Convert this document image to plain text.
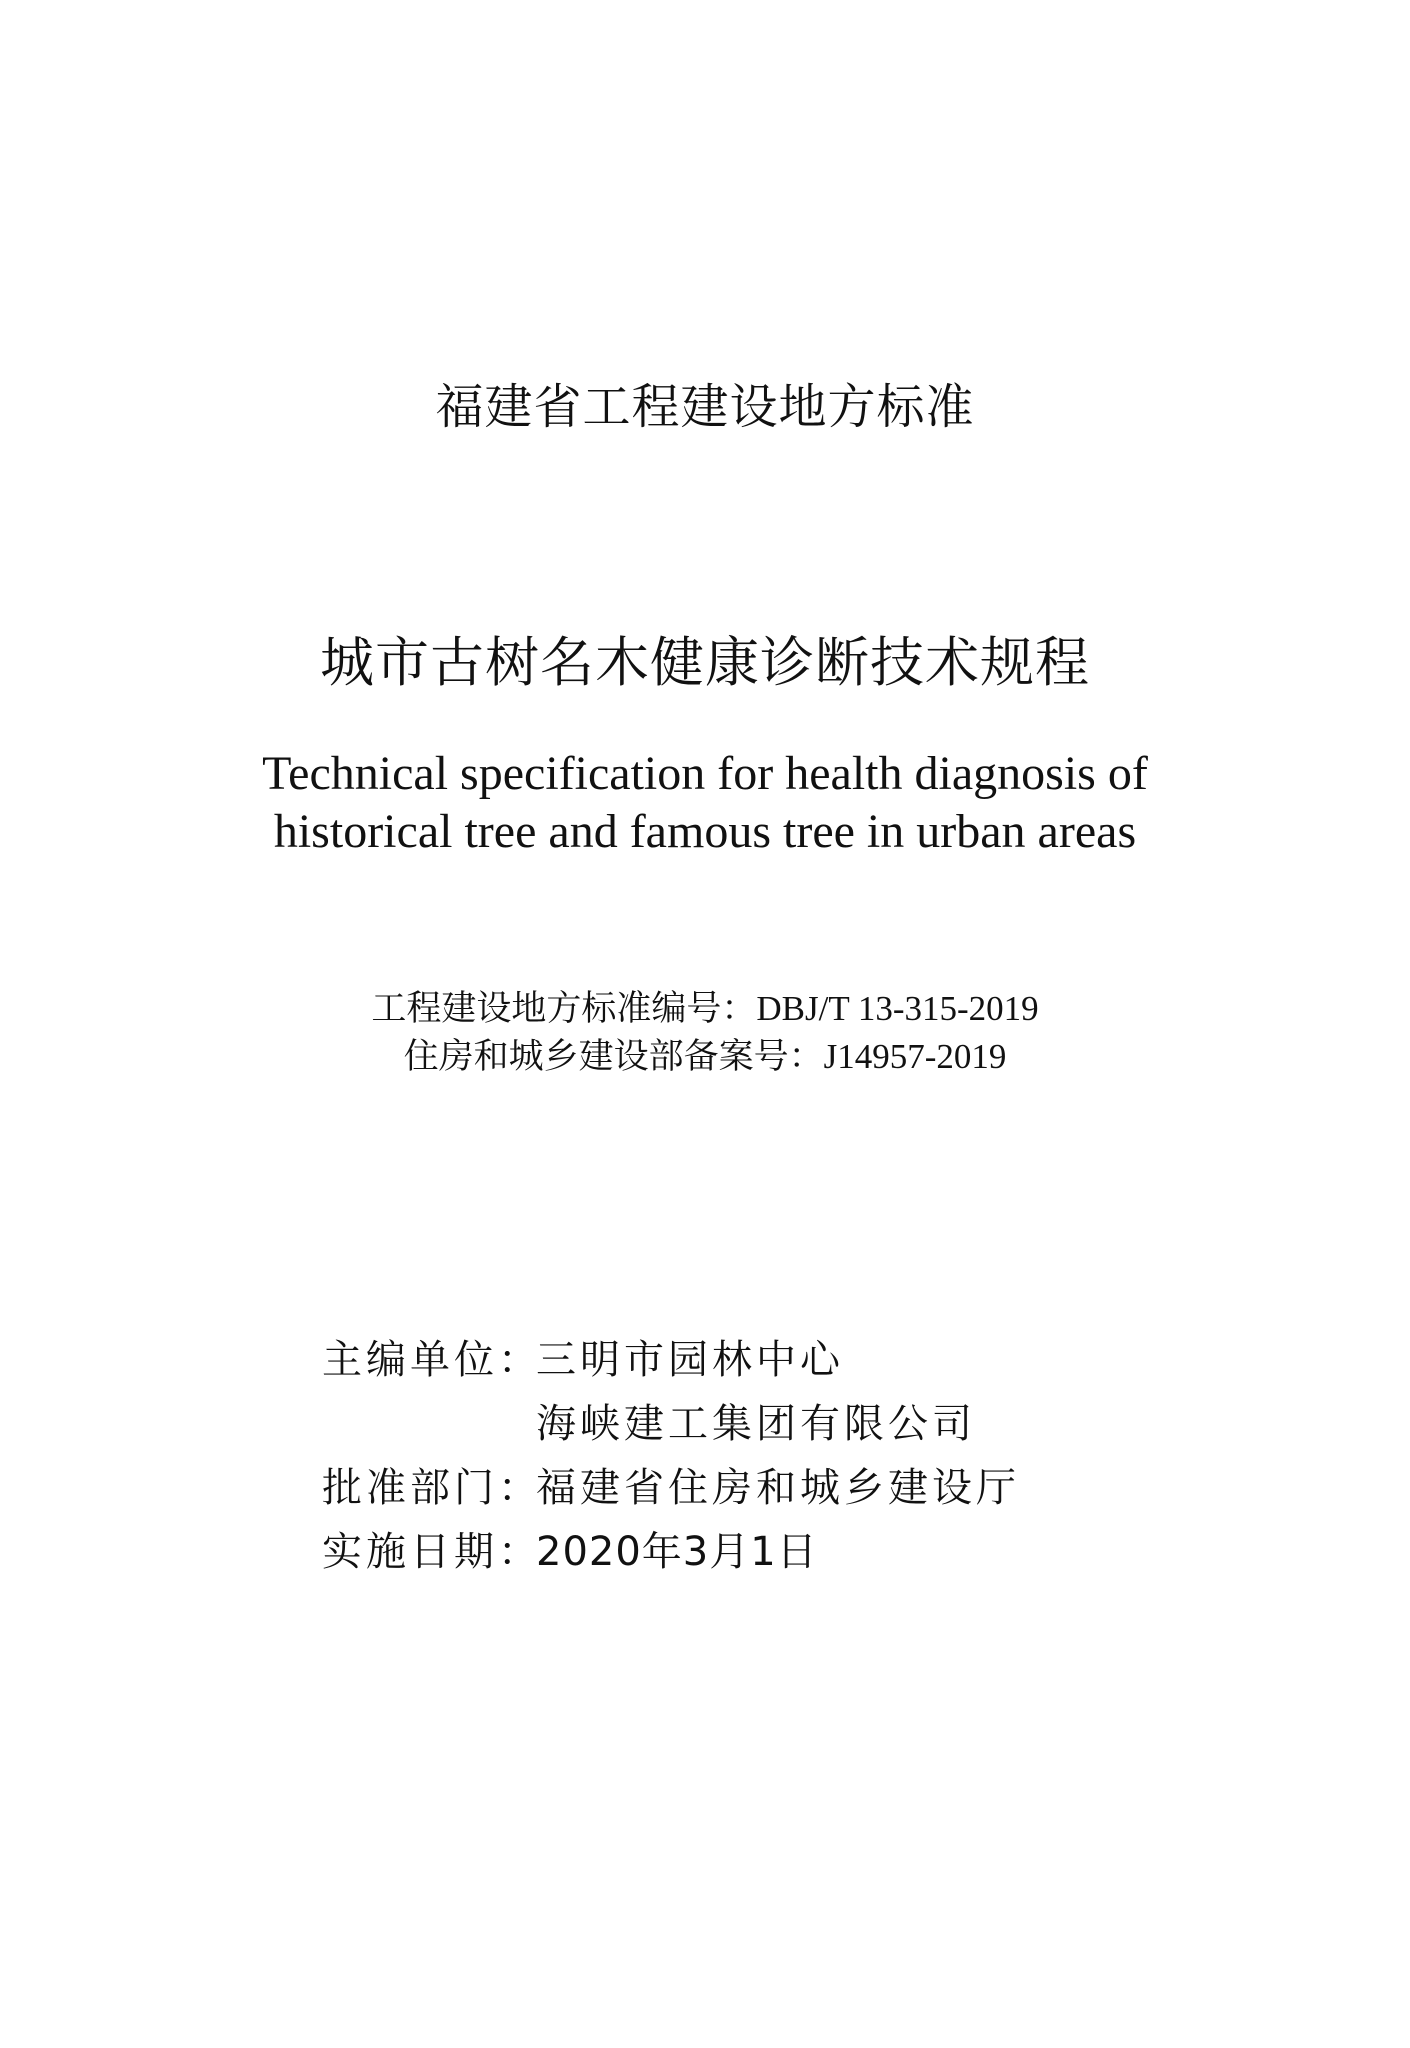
福建省工程建设地方标准
城市古树名木健康诊断技术规程
Technical specification for health diagnosis of
historical tree and famous tree in urban areas
工程建设地方标准编号：DBJ/T 13-315-2019
住房和城乡建设部备案号：J14957-2019
主编单位：
三明市园林中心
海峡建工集团有限公司
批准部门：
福建省住房和城乡建设厅
实施日期：
2020年3月1日
